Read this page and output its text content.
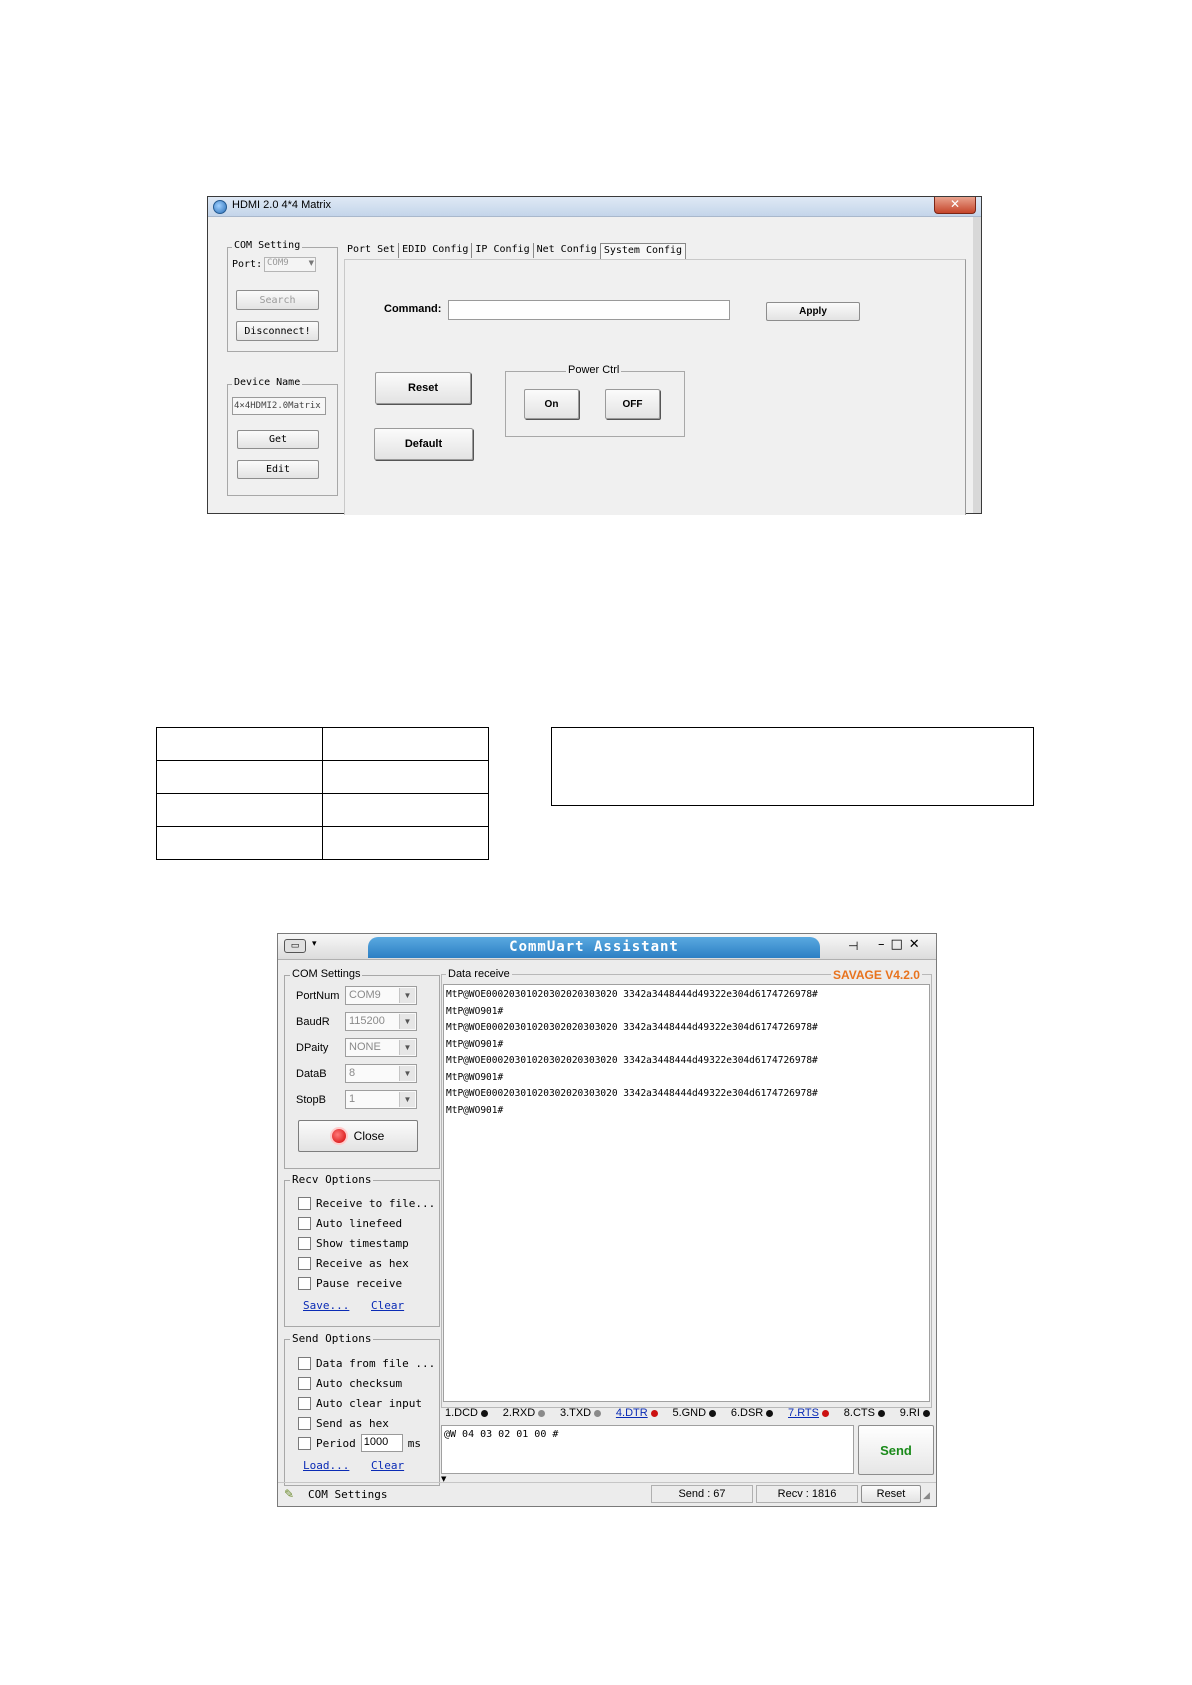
HDMI 2.0 4*4 Matrix	✕
COM Setting
Port: COM9	▼
Search
Disconnect!
Device Name
4×4HDMI2.0Matrix
Get
Edit
Port Set EDID Config IP Config Net Config System Config
Command:	Apply
Reset
Default
Power Ctrl
On	OFF

▭	▾	CommUart Assistant	⊣ –□✕
COM Settings
PortNum COM9	▼
BaudR	115200	▼
DPaity	NONE	▼
DataB	8	▼
StopB	1	▼
Close
Recv Options
Receive to file...
Auto linefeed
Show timestamp
Receive as hex
Pause receive
Save... Clear
Send Options
Data from file ...
Auto checksum
Auto clear input
Send as hex
Period 1000	ms
Load... Clear
Data receive	SAVAGE V4.2.0
MtP@WOE00020301020302020303020 3342a3448444d49322e304d6174726978#
MtP@WO901#
MtP@WOE00020301020302020303020 3342a3448444d49322e304d6174726978#
MtP@WO901#
MtP@WOE00020301020302020303020 3342a3448444d49322e304d6174726978#
MtP@WO901#
MtP@WOE00020301020302020303020 3342a3448444d49322e304d6174726978#
MtP@WO901#
1.DCD	2.RXD	3.TXD	4.DTR	5.GND	6.DSR	7.RTS	8.CTS	9.RI
@W 04 03 02 01 00 #
▼
Send
✎ COM Settings	Send : 67	Recv : 1816	Reset	◢
